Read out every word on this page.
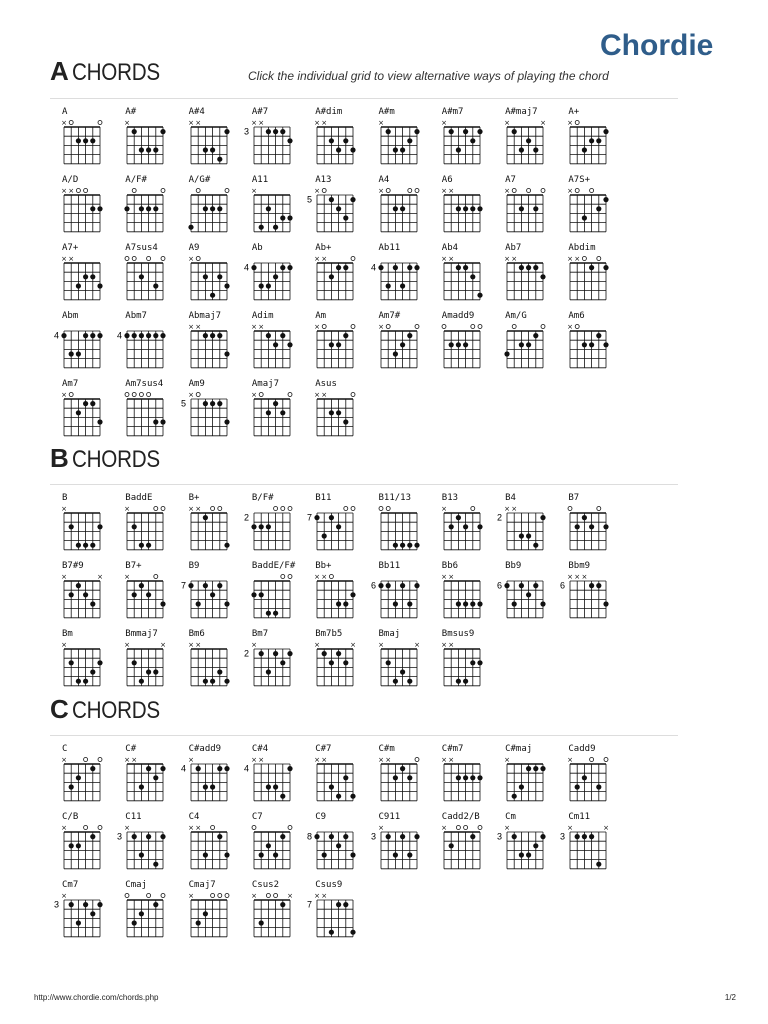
Chordie
Click the individual grid to view alternative ways of playing the chord
A CHORDS
B CHORDS
C CHORDS
A
×
A#
×
A#4
× ×
A#7
3
× ×
A#dim
× ×
A#m
×
A#m7
×
A#maj7
×	×
A+
×
A/D
× ×
A/F#	A/G#	A11
×
A13
5
×
A4
×
A6
× ×
A7
×
A7S+
×
A7+
× ×
A7sus4	A9
×
Ab
4
Ab+
× ×
Ab11
4
Ab4
× ×
Ab7
× ×
Abdim
× ×
Abm
4
Abm7
4
Abmaj7
× ×
Adim
× ×
Am
×
Am7#
×
Amadd9	Am/G	Am6
×
Am7
×
Am7sus4	Am9
5
×
Amaj7
×
Asus
× ×
B
×
BaddE
×
B+
× ×
B/F#
2
B11
7
B11/13	B13
×
B4
2
× ×
B7
B7#9
×	×
B7+
×
B9
7
BaddE/F# Bb+
× ×
Bb11
6
Bb6
× ×
Bb9
6
Bbm9
6
× × ×
Bm
×
Bmmaj7
×	×
Bm6
× ×
Bm7
2
×
Bm7b5
×	×
Bmaj
×	×
Bmsus9
× ×
C
×
C#
× ×
C#add9
4
×
C#4
4
× ×
C#7
× ×
C#m
× ×
C#m7
× ×
C#maj
×
Cadd9
×
C/B
×
C11
3
×
C4
× ×
C7	C9
8
C911
3
×
Cadd2/B
×
Cm
3
×
Cm11
3
×	×
Cm7
3
×
Cmaj	Cmaj7
×
Csus2
×	×
Csus9
7
× ×
http://www.chordie.com/chords.php	1/2
